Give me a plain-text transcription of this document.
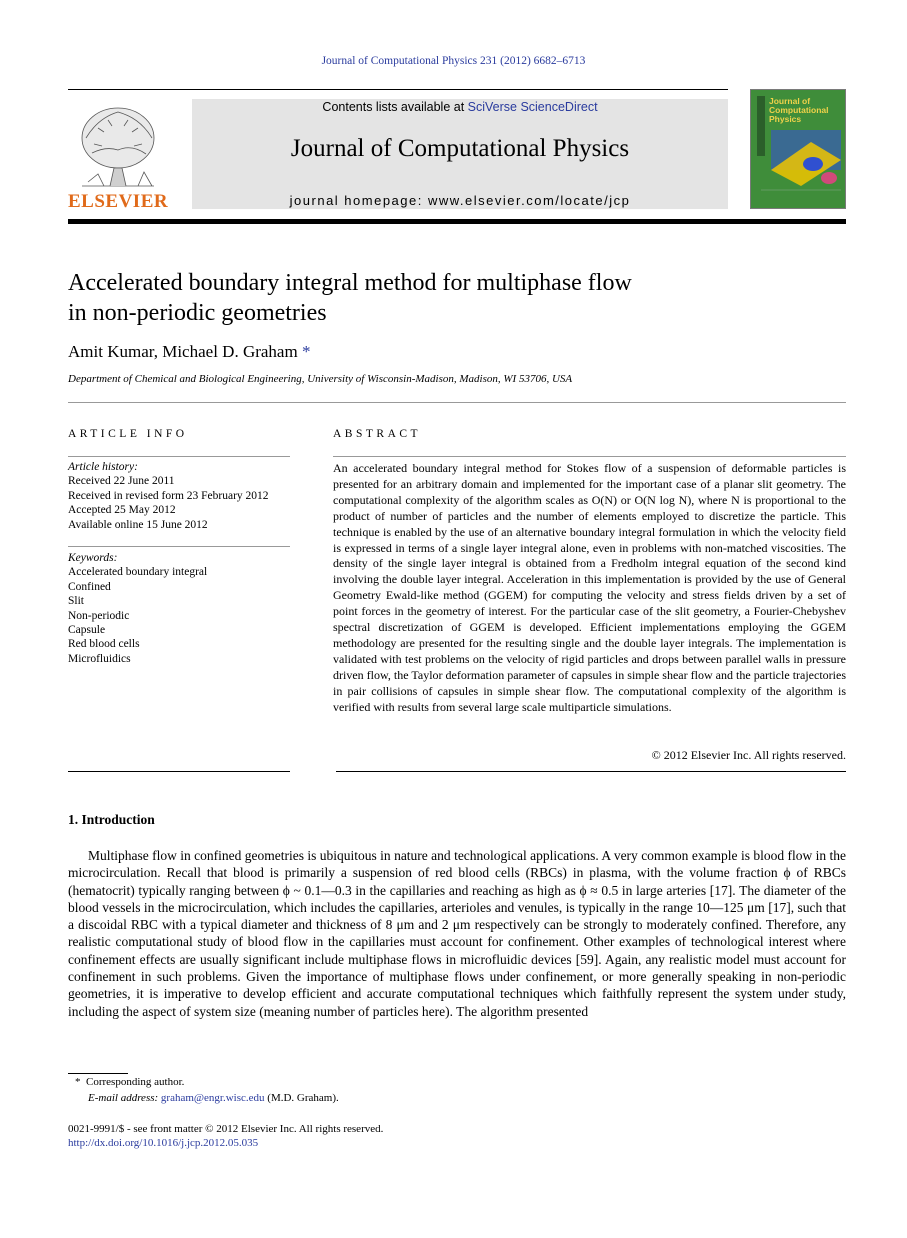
Journal of Computational Physics 231 (2012) 6682–6713
ELSEVIER
Contents lists available at SciVerse ScienceDirect
Journal of Computational Physics
journal homepage: www.elsevier.com/locate/jcp
Journal of Computational Physics
Accelerated boundary integral method for multiphase flow
in non-periodic geometries
Amit Kumar, Michael D. Graham *
Department of Chemical and Biological Engineering, University of Wisconsin-Madison, Madison, WI 53706, USA
ARTICLE INFO	ABSTRACT
Article history:
Received 22 June 2011
Received in revised form 23 February 2012
Accepted 25 May 2012
Available online 15 June 2012
Keywords:
Accelerated boundary integral
Confined
Slit
Non-periodic
Capsule
Red blood cells
Microfluidics

An accelerated boundary integral method for Stokes flow of a suspension of deformable particles is presented for an arbitrary domain and implemented for the important case of a planar slit geometry. The computational complexity of the algorithm scales as O(N) or O(N log N), where N is proportional to the product of number of particles and the number of elements employed to discretize the particle. This technique is enabled by the use of an alternative boundary integral formulation in which the velocity field is expressed in terms of a single layer integral alone, even in problems with non-matched viscosities. The density of the single layer integral is obtained from a Fredholm integral equation of the second kind involving the double layer integral. Acceleration in this implementation is provided by the use of General Geometry Ewald-like method (GGEM) for computing the velocity and stress fields driven by a set of point forces in the geometry of interest. For the particular case of the slit geometry, a Fourier-Chebyshev spectral discretization of GGEM is developed. Efficient implementations employing the GGEM methodology are presented for the resulting single and the double layer integrals. The implementation is validated with test problems on the velocity of rigid particles and drops between parallel walls in pressure driven flow, the Taylor deformation parameter of capsules in simple shear flow and the particle trajectories in pair collisions of capsules in simple shear flow. The computational complexity of the algorithm is verified with results from several large scale multiparticle simulations.

© 2012 Elsevier Inc. All rights reserved.
1. Introduction

Multiphase flow in confined geometries is ubiquitous in nature and technological applications. A very common example is blood flow in the microcirculation. Recall that blood is primarily a suspension of red blood cells (RBCs) in plasma, with the volume fraction ϕ of RBCs (hematocrit) typically ranging between ϕ ~ 0.1—0.3 in the capillaries and reaching as high as ϕ ≈ 0.5 in large arteries [17]. The diameter of the blood vessels in the microcirculation, which includes the capillaries, arterioles and venules, is typically in the range 10—125 μm [17], such that a discoidal RBC with a typical diameter and thickness of 8 μm and 2 μm respectively can be strongly to moderately confined. Therefore, any realistic computational study of blood flow in the capillaries must account for confinement. Other examples of technological interest where confinement effects are usually significant include multiphase flows in microfluidic devices [59]. Again, any realistic model must account for confinement in such problems. Given the importance of multiphase flows under confinement, or more generally speaking in non-periodic geometries, it is imperative to develop efficient and accurate computational techniques which faithfully represent the system under study, including the aspect of system size (meaning number of particles here). The algorithm presented

* Corresponding author.
E-mail address: graham@engr.wisc.edu (M.D. Graham).
0021-9991/$ - see front matter © 2012 Elsevier Inc. All rights reserved.
http://dx.doi.org/10.1016/j.jcp.2012.05.035
